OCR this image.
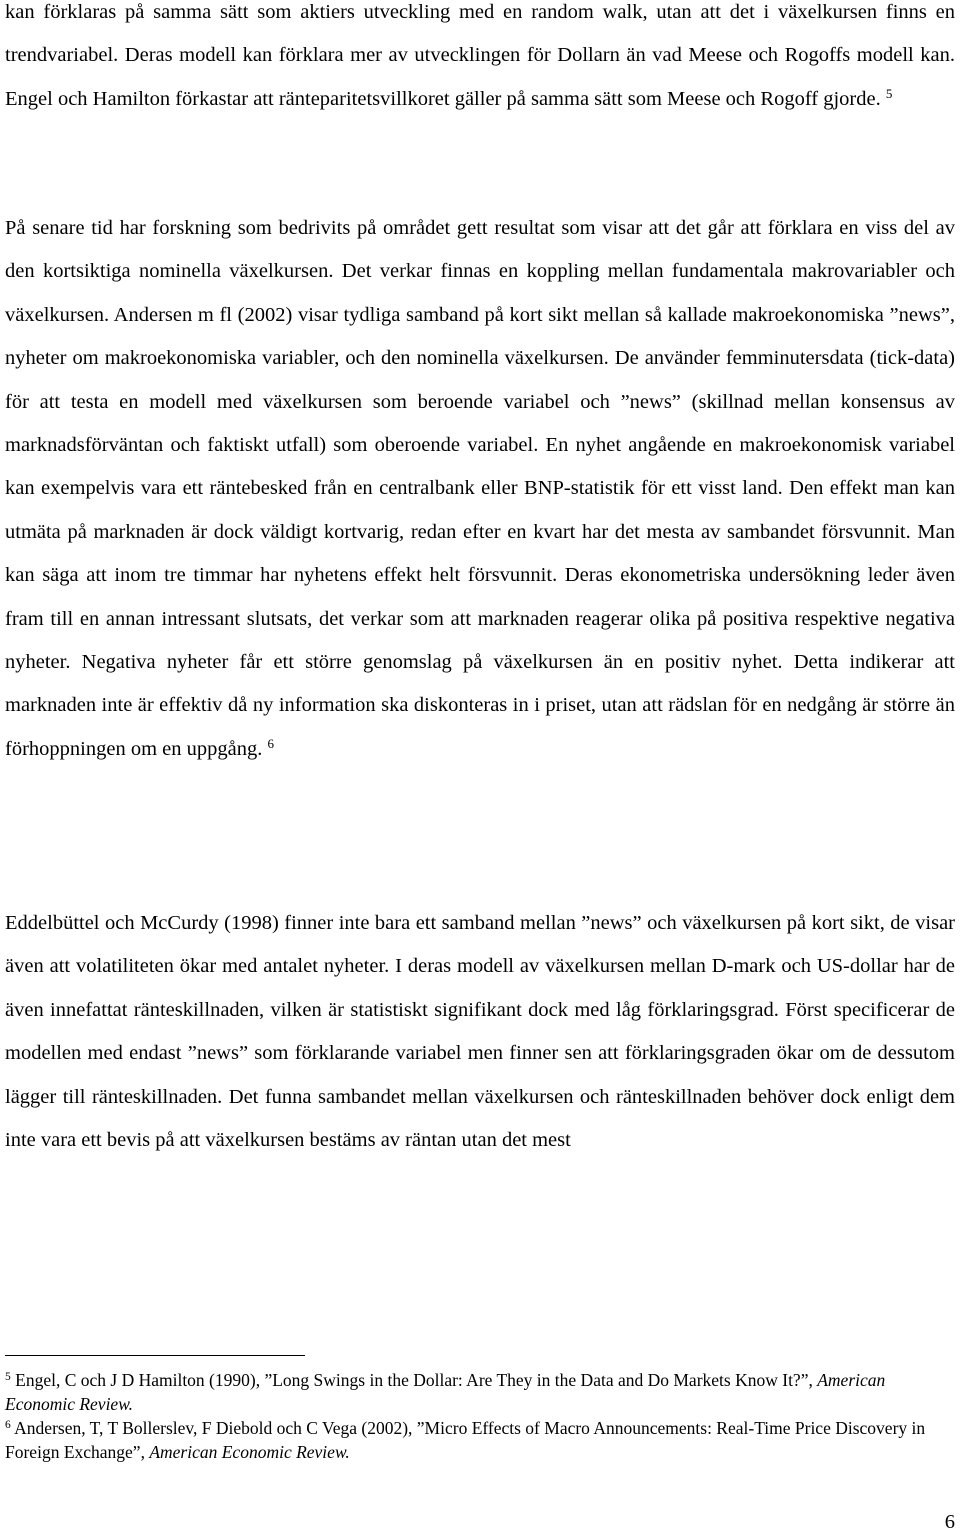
kan förklaras på samma sätt som aktiers utveckling med en random walk, utan att det i växelkursen finns en trendvariabel. Deras modell kan förklara mer av utvecklingen för Dollarn än vad Meese och Rogoffs modell kan. Engel och Hamilton förkastar att ränteparitetsvillkoret gäller på samma sätt som Meese och Rogoff gjorde. $^5$

På senare tid har forskning som bedrivits på området gett resultat som visar att det går att förklara en viss del av den kortsiktiga nominella växelkursen. Det verkar finnas en koppling mellan fundamentala makrovariabler och växelkursen. Andersen m fl (2002) visar tydliga samband på kort sikt mellan så kallade makroekonomiska ”news”, nyheter om makroekonomiska variabler, och den nominella växelkursen. De använder femminutersdata (tick-data) för att testa en modell med växelkursen som beroende variabel och ”news” (skillnad mellan konsensus av marknadsförväntan och faktiskt utfall) som oberoende variabel. En nyhet angående en makroekonomisk variabel kan exempelvis vara ett räntebesked från en centralbank eller BNP-statistik för ett visst land. Den effekt man kan utmäta på marknaden är dock väldigt kortvarig, redan efter en kvart har det mesta av sambandet försvunnit. Man kan säga att inom tre timmar har nyhetens effekt helt försvunnit. Deras ekonometriska undersökning leder även fram till en annan intressant slutsats, det verkar som att marknaden reagerar olika på positiva respektive negativa nyheter. Negativa nyheter får ett större genomslag på växelkursen än en positiv nyhet. Detta indikerar att marknaden inte är effektiv då ny information ska diskonteras in i priset, utan att rädslan för en nedgång är större än förhoppningen om en uppgång. $^6$

Eddelbüttel och McCurdy (1998) finner inte bara ett samband mellan ”news” och växelkursen på kort sikt, de visar även att volatiliteten ökar med antalet nyheter. I deras modell av växelkursen mellan D-mark och US-dollar har de även innefattat ränteskillnaden, vilken är statistiskt signifikant dock med låg förklaringsgrad. Först specificerar de modellen med endast ”news” som förklarande variabel men finner sen att förklaringsgraden ökar om de dessutom lägger till ränteskillnaden. Det funna sambandet mellan växelkursen och ränteskillnaden behöver dock enligt dem inte vara ett bevis på att växelkursen bestäms av räntan utan det mest

$^5$ Engel, C och J D Hamilton (1990), ”Long Swings in the Dollar: Are They in the Data and Do Markets Know It?”, American Economic Review.

$^6$ Andersen, T, T Bollerslev, F Diebold och C Vega (2002), ”Micro Effects of Macro Announcements: Real-Time Price Discovery in Foreign Exchange”, American Economic Review.

6
